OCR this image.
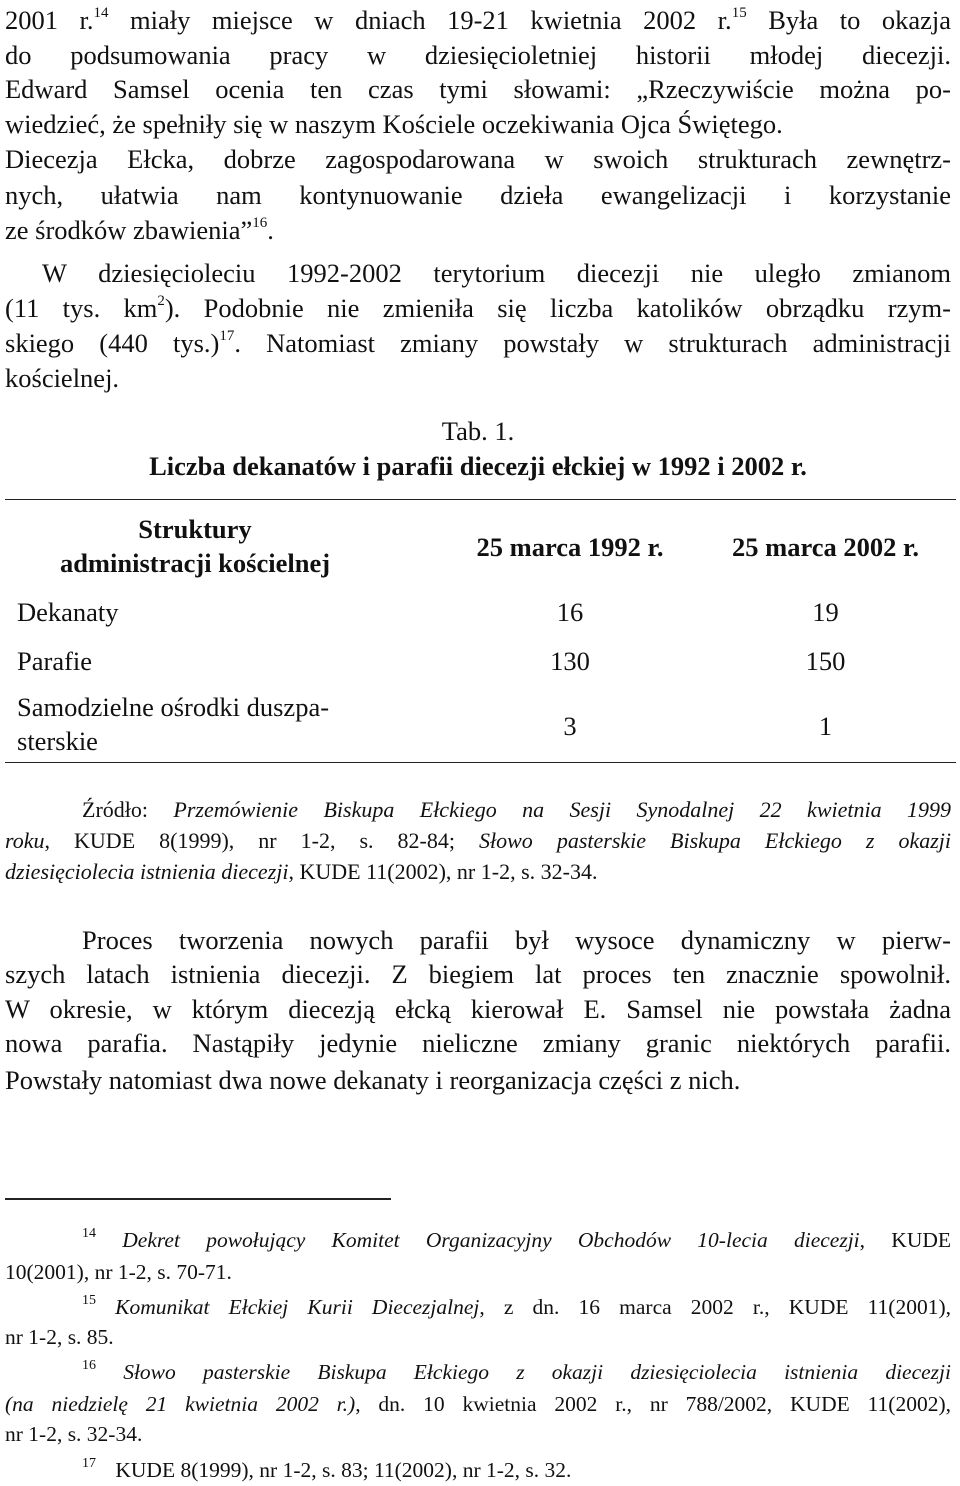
2001 r.$^{14}$ miały miejsce w dniach 19-21 kwietnia 2002 r.$^{15}$ Była to okazja
do podsumowania pracy w dziesięcioletniej historii młodej diecezji.
Edward Samsel ocenia ten czas tymi słowami: „Rzeczywiście można po-
wiedzieć, że spełniły się w naszym Kościele oczekiwania Ojca Świętego.
Diecezja Ełcka, dobrze zagospodarowana w swoich strukturach zewnętrz-
nych, ułatwia nam kontynuowanie dzieła ewangelizacji i korzystanie
ze środków zbawienia”$^{16}$.
W dziesięcioleciu 1992-2002 terytorium diecezji nie uległo zmianom
(11 tys. $km^2$). Podobnie nie zmieniła się liczba katolików obrządku rzym-
skiego (440 tys.)$^{17}$. Natomiast zmiany powstały w strukturach administracji
kościelnej.
Tab. 1.
Liczba dekanatów i parafii diecezji ełckiej w 1992 i 2002 r.
Struktury
administracji kościelnej
25 marca 1992 r.	25 marca 2002 r.
Dekanaty	16	19
Parafie	130	150
Samodzielne ośrodki duszpa-
sterskie	3	1
Źródło: Przemówienie Biskupa Ełckiego na Sesji Synodalnej 22 kwietnia 1999
roku, KUDE 8(1999), nr 1-2, s. 82-84; Słowo pasterskie Biskupa Ełckiego z okazji
dziesięciolecia istnienia diecezji, KUDE 11(2002), nr 1-2, s. 32-34.
Proces tworzenia nowych parafii był wysoce dynamiczny w pierw-
szych latach istnienia diecezji. Z biegiem lat proces ten znacznie spowolnił.
W okresie, w którym diecezją ełcką kierował E. Samsel nie powstała żadna
nowa parafia. Nastąpiły jedynie nieliczne zmiany granic niektórych parafii.
Powstały natomiast dwa nowe dekanaty i reorganizacja części z nich.
$^{14}$ Dekret powołujący Komitet Organizacyjny Obchodów 10-lecia diecezji, KUDE
10(2001), nr 1-2, s. 70-71.
$^{15}$ Komunikat Ełckiej Kurii Diecezjalnej, z dn. 16 marca 2002 r., KUDE 11(2001),
nr 1-2, s. 85.
$^{16}$ Słowo pasterskie Biskupa Ełckiego z okazji dziesięciolecia istnienia diecezji
(na niedzielę 21 kwietnia 2002 r.), dn. 10 kwietnia 2002 r., nr 788/2002, KUDE 11(2002),
nr 1-2, s. 32-34.
$^{17}$ KUDE 8(1999), nr 1-2, s. 83; 11(2002), nr 1-2, s. 32.
